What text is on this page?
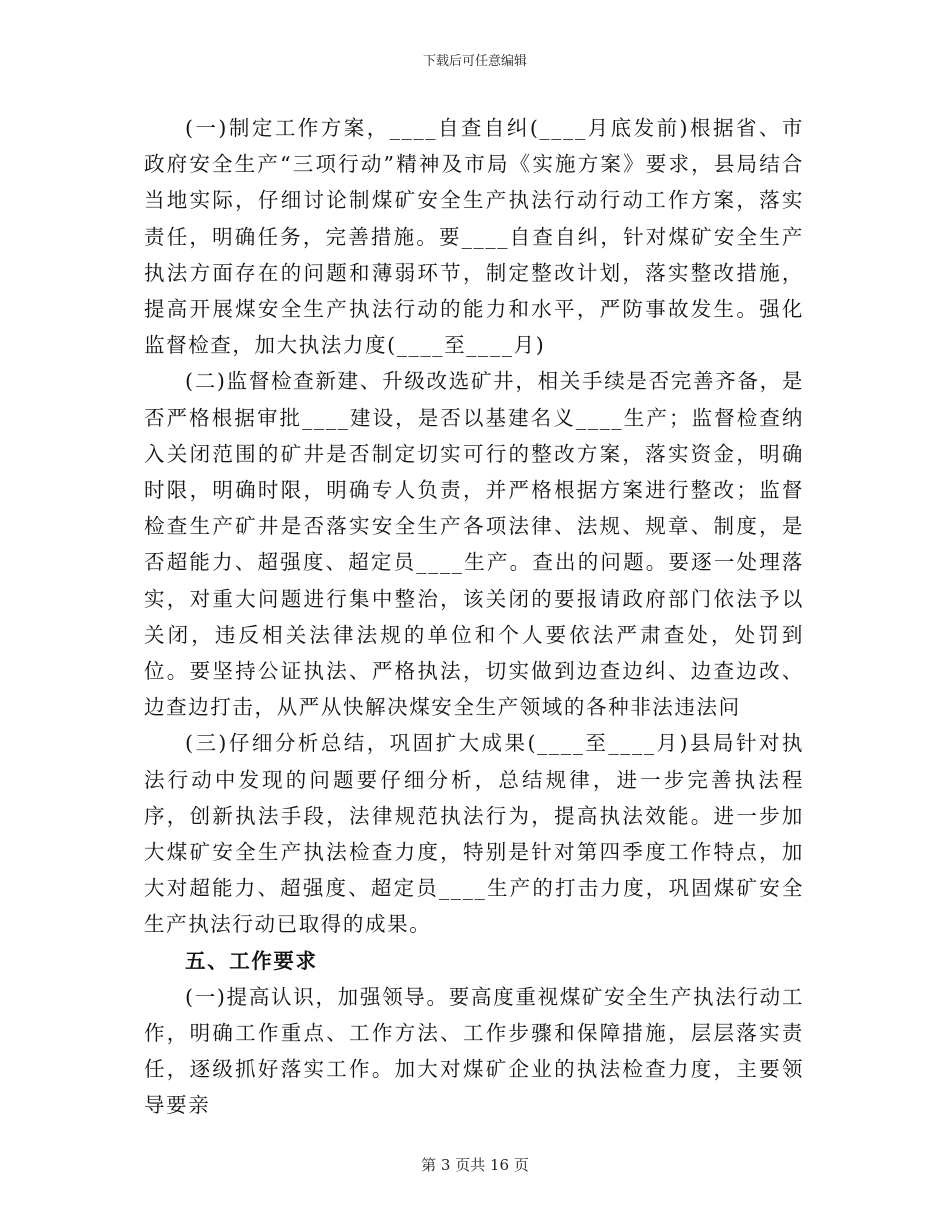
下载后可任意编辑

(一)制定工作方案，____自查自纠(____月底发前)根据省、市政府安全生产“三项行动”精神及市局《实施方案》要求，县局结合当地实际，仔细讨论制煤矿安全生产执法行动行动工作方案，落实责任，明确任务，完善措施。要____自查自纠，针对煤矿安全生产执法方面存在的问题和薄弱环节，制定整改计划，落实整改措施，提高开展煤安全生产执法行动的能力和水平，严防事故发生。强化监督检查，加大执法力度(____至____月)

(二)监督检查新建、升级改选矿井，相关手续是否完善齐备，是否严格根据审批____建设，是否以基建名义____生产；监督检查纳入关闭范围的矿井是否制定切实可行的整改方案，落实资金，明确时限，明确时限，明确专人负责，并严格根据方案进行整改；监督检查生产矿井是否落实安全生产各项法律、法规、规章、制度，是否超能力、超强度、超定员____生产。查出的问题。要逐一处理落实，对重大问题进行集中整治，该关闭的要报请政府部门依法予以关闭，违反相关法律法规的单位和个人要依法严肃查处，处罚到位。要坚持公证执法、严格执法，切实做到边查边纠、边查边改、边查边打击，从严从快解决煤安全生产领域的各种非法违法问

(三)仔细分析总结，巩固扩大成果(____至____月)县局针对执法行动中发现的问题要仔细分析，总结规律，进一步完善执法程序，创新执法手段，法律规范执法行为，提高执法效能。进一步加大煤矿安全生产执法检查力度，特别是针对第四季度工作特点，加大对超能力、超强度、超定员____生产的打击力度，巩固煤矿安全生产执法行动已取得的成果。

五、工作要求

(一)提高认识，加强领导。要高度重视煤矿安全生产执法行动工作，明确工作重点、工作方法、工作步骤和保障措施，层层落实责任，逐级抓好落实工作。加大对煤矿企业的执法检查力度，主要领导要亲

第 3 页共 16 页
